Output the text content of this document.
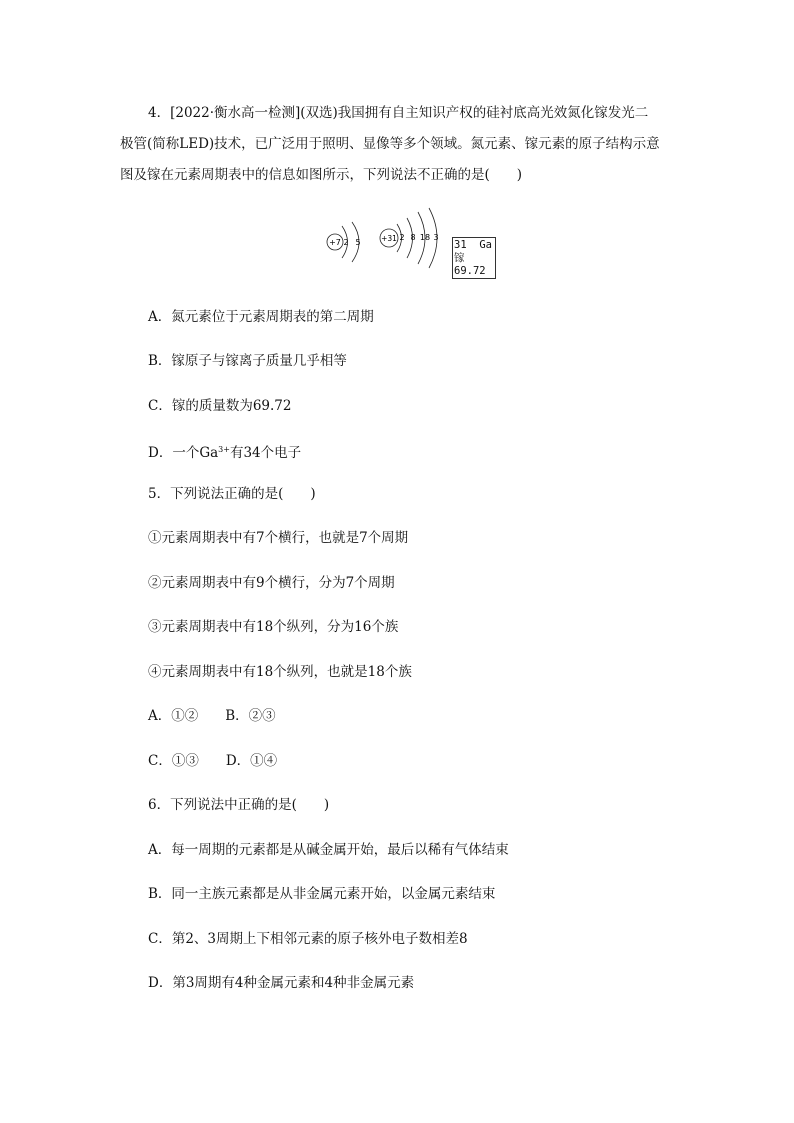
4．[2022·衡水高一检测](双选)我国拥有自主知识产权的硅衬底高光效氮化镓发光二
极管(简称LED)技术，已广泛用于照明、显像等多个领域。氮元素、镓元素的原子结构示意
图及镓在元素周期表中的信息如图所示，下列说法不正确的是(　　)
+7 2 5	+31 2 8 18 3
31 Ga
镓
69.72
A．氮元素位于元素周期表的第二周期
B．镓原子与镓离子质量几乎相等
C．镓的质量数为69.72
D．一个$Ga^{3+}$有34个电子
5．下列说法正确的是(　　)
①元素周期表中有7个横行，也就是7个周期
②元素周期表中有9个横行，分为7个周期
③元素周期表中有18个纵列，分为16个族
④元素周期表中有18个纵列，也就是18个族
A．①②　　B．②③
C．①③　　D．①④
6．下列说法中正确的是(　　)
A．每一周期的元素都是从碱金属开始，最后以稀有气体结束
B．同一主族元素都是从非金属元素开始，以金属元素结束
C．第2、3周期上下相邻元素的原子核外电子数相差8
D．第3周期有4种金属元素和4种非金属元素
